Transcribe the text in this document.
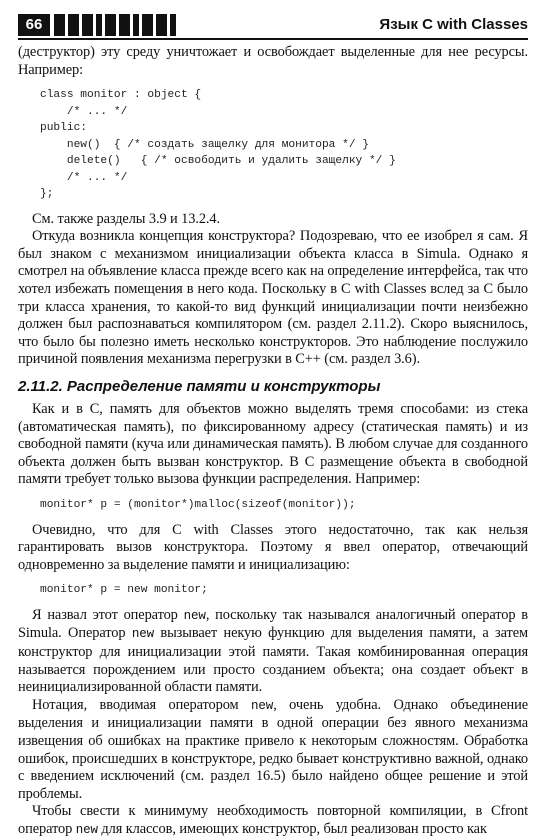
66	Язык C with Classes

(деструктор) эту среду уничтожает и освобождает выделенные для нее ресурсы. Например:

class monitor : object {
/* ... */
public:
new()  { /* создать защелку для монитора */ }
delete()   { /* освободить и удалить защелку */ }
/* ... */
};

См. также разделы 3.9 и 13.2.4.

Откуда возникла концепция конструктора? Подозреваю, что ее изобрел я сам. Я был знаком с механизмом инициализации объекта класса в Simula. Однако я смотрел на объявление класса прежде всего как на определение интерфейса, так что хотел избежать помещения в него кода. Поскольку в C with Classes вслед за C было три класса хранения, то какой-то вид функций инициализации почти неизбежно должен был распознаваться компилятором (см. раздел 2.11.2). Скоро выяснилось, что было бы полезно иметь несколько конструкторов. Это наблюдение послужило причиной появления механизма перегрузки в C++ (см. раздел 3.6).

2.11.2. Распределение памяти и конструкторы

Как и в C, память для объектов можно выделять тремя способами: из стека (автоматическая память), по фиксированному адресу (статическая память) и из свободной памяти (куча или динамическая память). В любом случае для созданного объекта должен быть вызван конструктор. В C размещение объекта в свободной памяти требует только вызова функции распределения. Например:

monitor* p = (monitor*)malloc(sizeof(monitor));

Очевидно, что для C with Classes этого недостаточно, так как нельзя гарантировать вызов конструктора. Поэтому я ввел оператор, отвечающий одновременно за выделение памяти и инициализацию:

monitor* p = new monitor;

Я назвал этот оператор new, поскольку так назывался аналогичный оператор в Simula. Оператор new вызывает некую функцию для выделения памяти, а затем конструктор для инициализации этой памяти. Такая комбинированная операция называется порождением или просто созданием объекта; она создает объект в неинициализированной области памяти.

Нотация, вводимая оператором new, очень удобна. Однако объединение выделения и инициализации памяти в одной операции без явного механизма извещения об ошибках на практике привело к некоторым сложностям. Обработка ошибок, происшедших в конструкторе, редко бывает конструктивно важной, однако с введением исключений (см. раздел 16.5) было найдено общее решение и этой проблемы.

Чтобы свести к минимуму необходимость повторной компиляции, в Cfront оператор new для классов, имеющих конструктор, был реализован просто как
